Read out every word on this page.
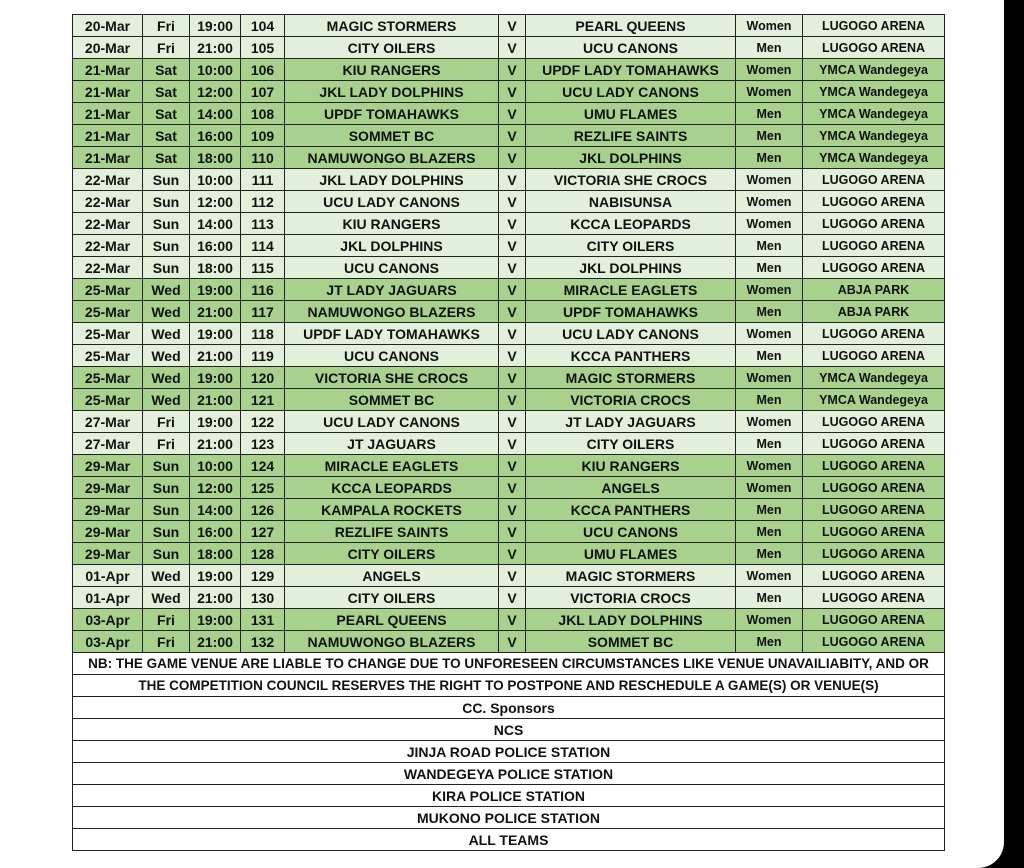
20-Mar	Fri	19:00	104	MAGIC STORMERS	V	PEARL QUEENS	Women	LUGOGO ARENA
20-Mar	Fri	21:00	105	CITY OILERS	V	UCU CANONS	Men	LUGOGO ARENA
21-Mar	Sat	10:00	106	KIU RANGERS	V	UPDF LADY TOMAHAWKS	Women	YMCA Wandegeya
21-Mar	Sat	12:00	107	JKL LADY DOLPHINS	V	UCU LADY CANONS	Women	YMCA Wandegeya
21-Mar	Sat	14:00	108	UPDF TOMAHAWKS	V	UMU FLAMES	Men	YMCA Wandegeya
21-Mar	Sat	16:00	109	SOMMET BC	V	REZLIFE SAINTS	Men	YMCA Wandegeya
21-Mar	Sat	18:00	110	NAMUWONGO BLAZERS	V	JKL DOLPHINS	Men	YMCA Wandegeya
22-Mar	Sun	10:00	111	JKL LADY DOLPHINS	V	VICTORIA SHE CROCS	Women	LUGOGO ARENA
22-Mar	Sun	12:00	112	UCU LADY CANONS	V	NABISUNSA	Women	LUGOGO ARENA
22-Mar	Sun	14:00	113	KIU RANGERS	V	KCCA LEOPARDS	Women	LUGOGO ARENA
22-Mar	Sun	16:00	114	JKL DOLPHINS	V	CITY OILERS	Men	LUGOGO ARENA
22-Mar	Sun	18:00	115	UCU CANONS	V	JKL DOLPHINS	Men	LUGOGO ARENA
25-Mar	Wed	19:00	116	JT LADY JAGUARS	V	MIRACLE EAGLETS	Women	ABJA PARK
25-Mar	Wed	21:00	117	NAMUWONGO BLAZERS	V	UPDF TOMAHAWKS	Men	ABJA PARK
25-Mar	Wed	19:00	118	UPDF LADY TOMAHAWKS	V	UCU LADY CANONS	Women	LUGOGO ARENA
25-Mar	Wed	21:00	119	UCU CANONS	V	KCCA PANTHERS	Men	LUGOGO ARENA
25-Mar	Wed	19:00	120	VICTORIA SHE CROCS	V	MAGIC STORMERS	Women	YMCA Wandegeya
25-Mar	Wed	21:00	121	SOMMET BC	V	VICTORIA CROCS	Men	YMCA Wandegeya
27-Mar	Fri	19:00	122	UCU LADY CANONS	V	JT LADY JAGUARS	Women	LUGOGO ARENA
27-Mar	Fri	21:00	123	JT JAGUARS	V	CITY OILERS	Men	LUGOGO ARENA
29-Mar	Sun	10:00	124	MIRACLE EAGLETS	V	KIU RANGERS	Women	LUGOGO ARENA
29-Mar	Sun	12:00	125	KCCA LEOPARDS	V	ANGELS	Women	LUGOGO ARENA
29-Mar	Sun	14:00	126	KAMPALA ROCKETS	V	KCCA PANTHERS	Men	LUGOGO ARENA
29-Mar	Sun	16:00	127	REZLIFE SAINTS	V	UCU CANONS	Men	LUGOGO ARENA
29-Mar	Sun	18:00	128	CITY OILERS	V	UMU FLAMES	Men	LUGOGO ARENA
01-Apr	Wed	19:00	129	ANGELS	V	MAGIC STORMERS	Women	LUGOGO ARENA
01-Apr	Wed	21:00	130	CITY OILERS	V	VICTORIA CROCS	Men	LUGOGO ARENA
03-Apr	Fri	19:00	131	PEARL QUEENS	V	JKL LADY DOLPHINS	Women	LUGOGO ARENA
03-Apr	Fri	21:00	132	NAMUWONGO BLAZERS	V	SOMMET BC	Men	LUGOGO ARENA
NB: THE GAME VENUE ARE LIABLE TO CHANGE DUE TO UNFORESEEN CIRCUMSTANCES LIKE VENUE UNAVAILIABITY, AND OR								
THE COMPETITION COUNCIL RESERVES THE RIGHT TO POSTPONE AND RESCHEDULE A GAME(S) OR VENUE(S)								
CC. Sponsors								
NCS								
JINJA ROAD POLICE STATION								
WANDEGEYA POLICE STATION								
KIRA POLICE STATION								
MUKONO POLICE STATION								
ALL TEAMS								
